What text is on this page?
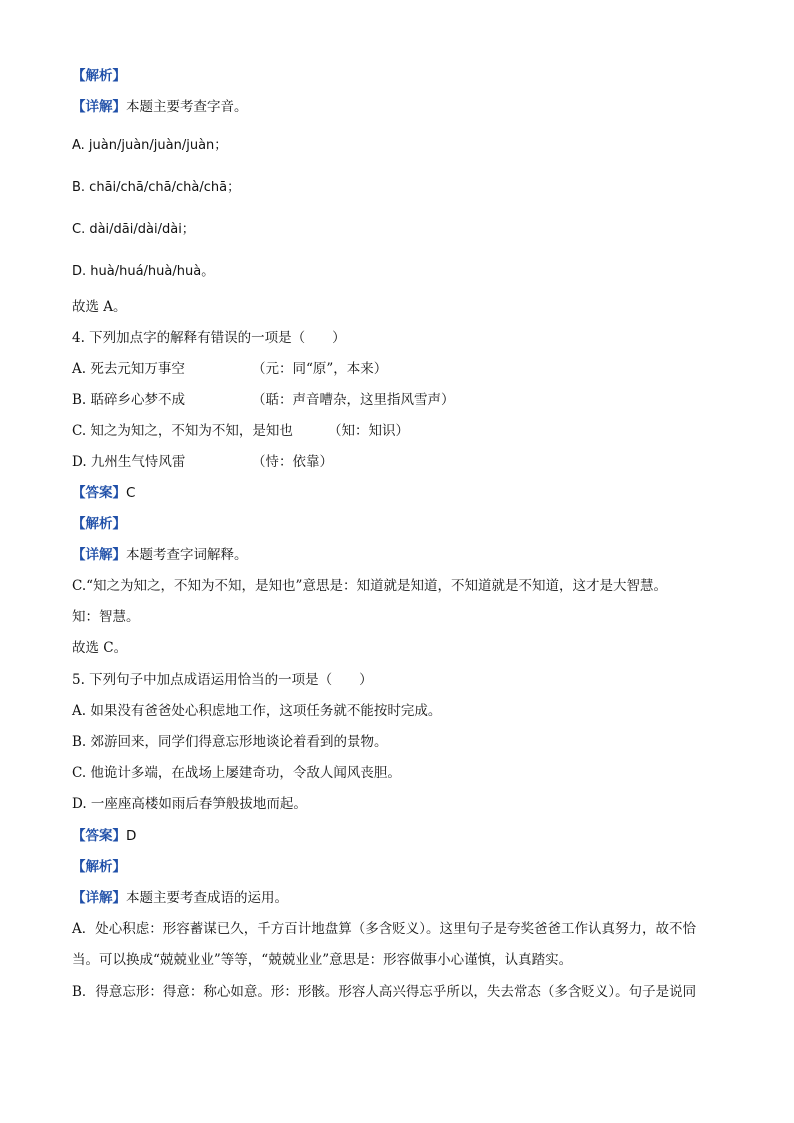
【解析】
【详解】本题主要考查字音。
A. juàn/juàn/juàn/juàn；
B. chāi/chā/chā/chà/chā；
C. dài/dāi/dài/dài；
D. huà/huá/huà/huà。
故选 A。
4. 下列加点字的解释有错误的一项是（　　）
A. 死去元知万事空	（元：同“原”，本来）
B. 聒碎乡心梦不成	（聒：声音嘈杂，这里指风雪声）
C. 知之为知之，不知为不知，是知也	（知：知识）
D. 九州生气恃风雷	（恃：依靠）
【答案】C
【解析】
【详解】本题考查字词解释。
C.“知之为知之，不知为不知，是知也”意思是：知道就是知道，不知道就是不知道，这才是大智慧。
知：智慧。
故选 C。
5. 下列句子中加点成语运用恰当的一项是（　　）
A. 如果没有爸爸处心积虑地工作，这项任务就不能按时完成。
B. 郊游回来，同学们得意忘形地谈论着看到的景物。
C. 他诡计多端，在战场上屡建奇功，令敌人闻风丧胆。
D. 一座座高楼如雨后春笋般拔地而起。
【答案】D
【解析】
【详解】本题主要考查成语的运用。
A．处心积虑：形容蓄谋已久，千方百计地盘算（多含贬义）。这里句子是夸奖爸爸工作认真努力，故不恰
当。可以换成“兢兢业业”等等，“兢兢业业”意思是：形容做事小心谨慎，认真踏实。
B．得意忘形：得意：称心如意。形：形骸。形容人高兴得忘乎所以，失去常态（多含贬义）。句子是说同
